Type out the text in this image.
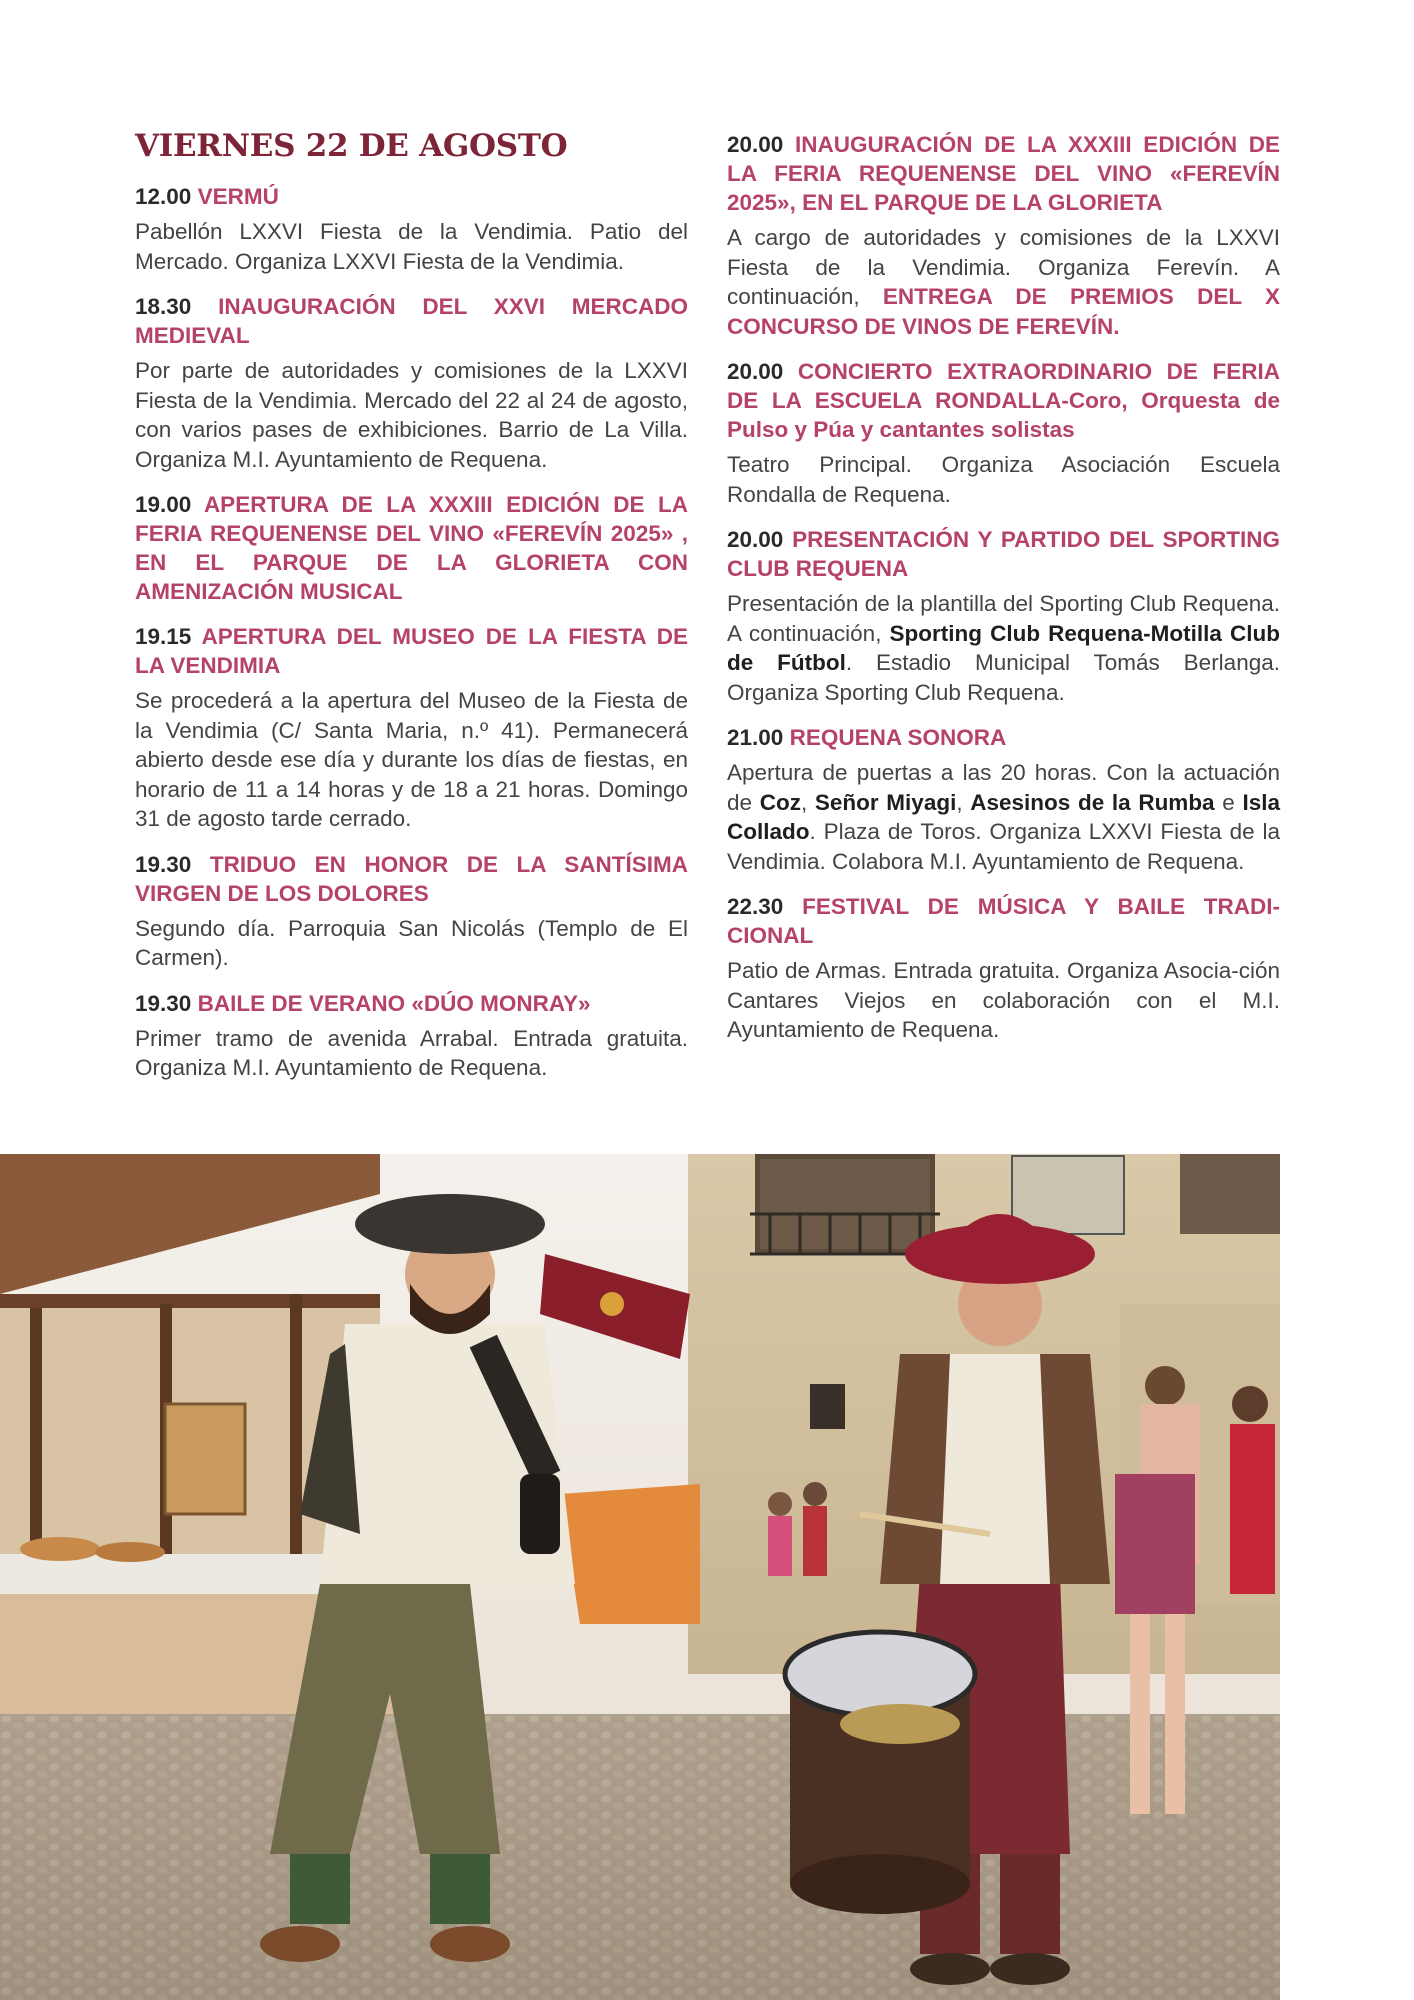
VIERNES 22 DE AGOSTO
12.00 VERMÚ
Pabellón LXXVI Fiesta de la Vendimia. Patio del Mercado. Organiza LXXVI Fiesta de la Vendimia.
18.30 INAUGURACIÓN DEL XXVI MERCADO MEDIEVAL
Por parte de autoridades y comisiones de la LXXVI Fiesta de la Vendimia. Mercado del 22 al 24 de agosto, con varios pases de exhibiciones. Barrio de La Villa. Organiza M.I. Ayuntamiento de Requena.
19.00 APERTURA DE LA XXXIII EDICIÓN DE LA FERIA REQUENENSE DEL VINO «FEREVÍN 2025» , EN EL PARQUE DE LA GLORIETA CON AMENIZACIÓN MUSICAL
19.15 APERTURA DEL MUSEO DE LA FIESTA DE LA VENDIMIA
Se procederá a la apertura del Museo de la Fiesta de la Vendimia (C/ Santa Maria, n.º 41). Permanecerá abierto desde ese día y durante los días de fiestas, en horario de 11 a 14 horas y de 18 a 21 horas. Domingo 31 de agosto tarde cerrado.
19.30 TRIDUO EN HONOR DE LA SANTÍSIMA VIRGEN DE LOS DOLORES
Segundo día. Parroquia San Nicolás (Templo de El Carmen).
19.30 BAILE DE VERANO «DÚO MONRAY»
Primer tramo de avenida Arrabal. Entrada gratuita. Organiza M.I. Ayuntamiento de Requena.
20.00 INAUGURACIÓN DE LA XXXIII EDICIÓN DE LA FERIA REQUENENSE DEL VINO «FEREVÍN 2025», EN EL PARQUE DE LA GLORIETA
A cargo de autoridades y comisiones de la LXXVI Fiesta de la Vendimia. Organiza Ferevín. A continuación, ENTREGA DE PREMIOS DEL X CONCURSO DE VINOS DE FEREVÍN.
20.00 CONCIERTO EXTRAORDINARIO DE FERIA DE LA ESCUELA RONDALLA-Coro, Orquesta de Pulso y Púa y cantantes solistas
Teatro Principal. Organiza Asociación Escuela Rondalla de Requena.
20.00 PRESENTACIÓN Y PARTIDO DEL SPORTING CLUB REQUENA
Presentación de la plantilla del Sporting Club Requena. A continuación, Sporting Club Requena-Motilla Club de Fútbol. Estadio Municipal Tomás Berlanga. Organiza Sporting Club Requena.
21.00 REQUENA SONORA
Apertura de puertas a las 20 horas. Con la actuación de Coz, Señor Miyagi, Asesinos de la Rumba e Isla Collado. Plaza de Toros. Organiza LXXVI Fiesta de la Vendimia. Colabora M.I. Ayuntamiento de Requena.
22.30 FESTIVAL DE MÚSICA Y BAILE TRADI-CIONAL
Patio de Armas. Entrada gratuita. Organiza Asocia-ción Cantares Viejos en colaboración con el M.I. Ayuntamiento de Requena.
